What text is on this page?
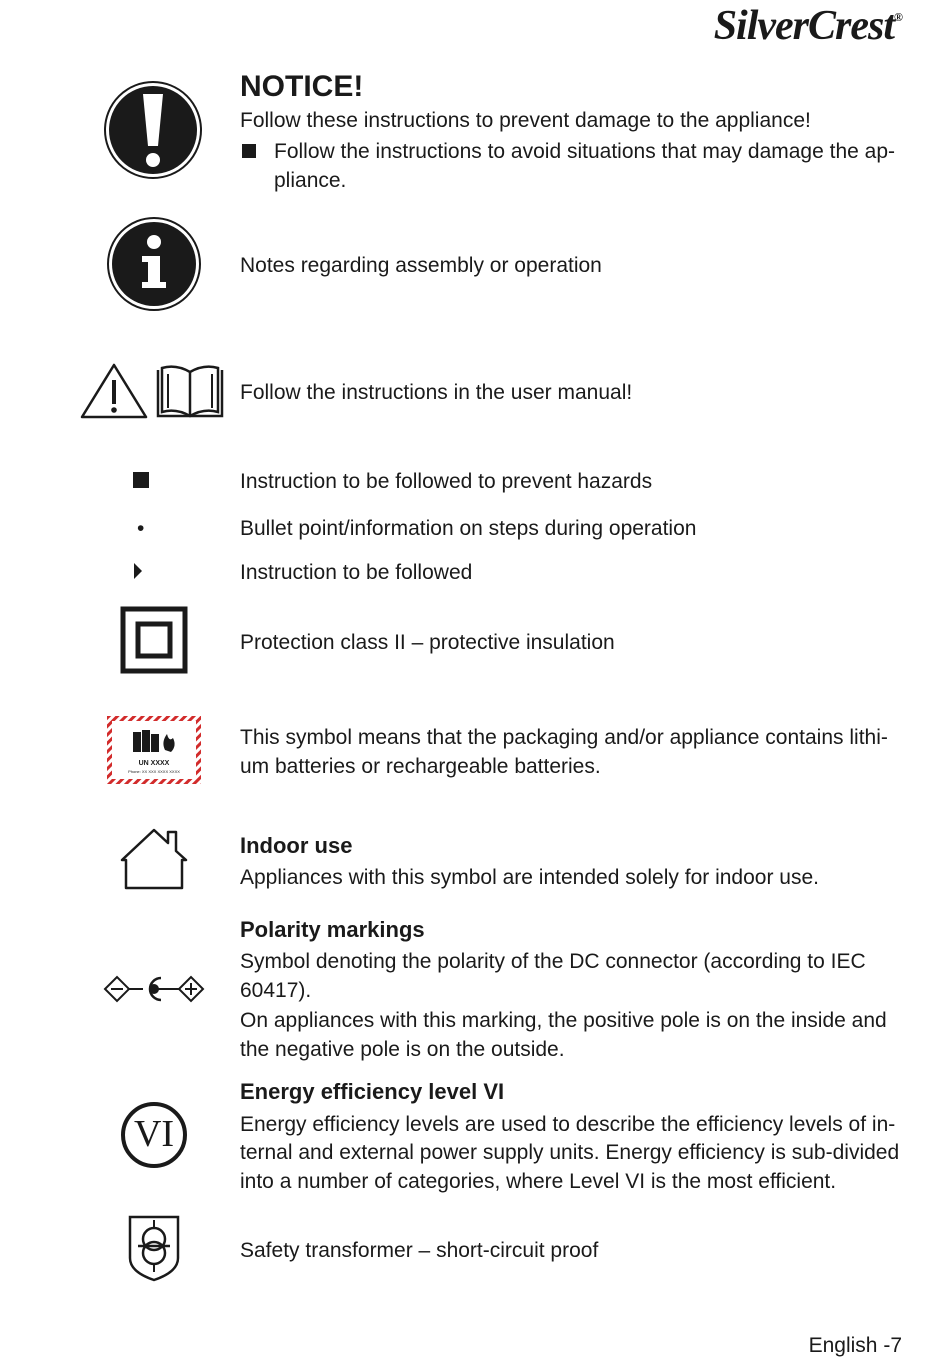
SilverCrest®
NOTICE!
Follow these instructions to prevent damage to the appliance!
Follow the instructions to avoid situations that may damage the ap-
pliance.
Notes regarding assembly or operation
Follow the instructions in the user manual!
Instruction to be followed to prevent hazards
•	Bullet point/information on steps during operation
Instruction to be followed
Protection class II – protective insulation
UN XXXX
Phone: XX XXX XXXX XXXX
This symbol means that the packaging and/or appliance contains lithi-
um batteries or rechargeable batteries.
Indoor use
Appliances with this symbol are intended solely for indoor use.
Polarity markings
Symbol denoting the polarity of the DC connector (according to IEC
60417).
On appliances with this marking, the positive pole is on the inside and
the negative pole is on the outside.
VI
Energy efficiency level VI
Energy efficiency levels are used to describe the efficiency levels of in-
ternal and external power supply units. Energy efficiency is sub-divided
into a number of categories, where Level VI is the most efficient.
Safety transformer – short-circuit proof
English -7
